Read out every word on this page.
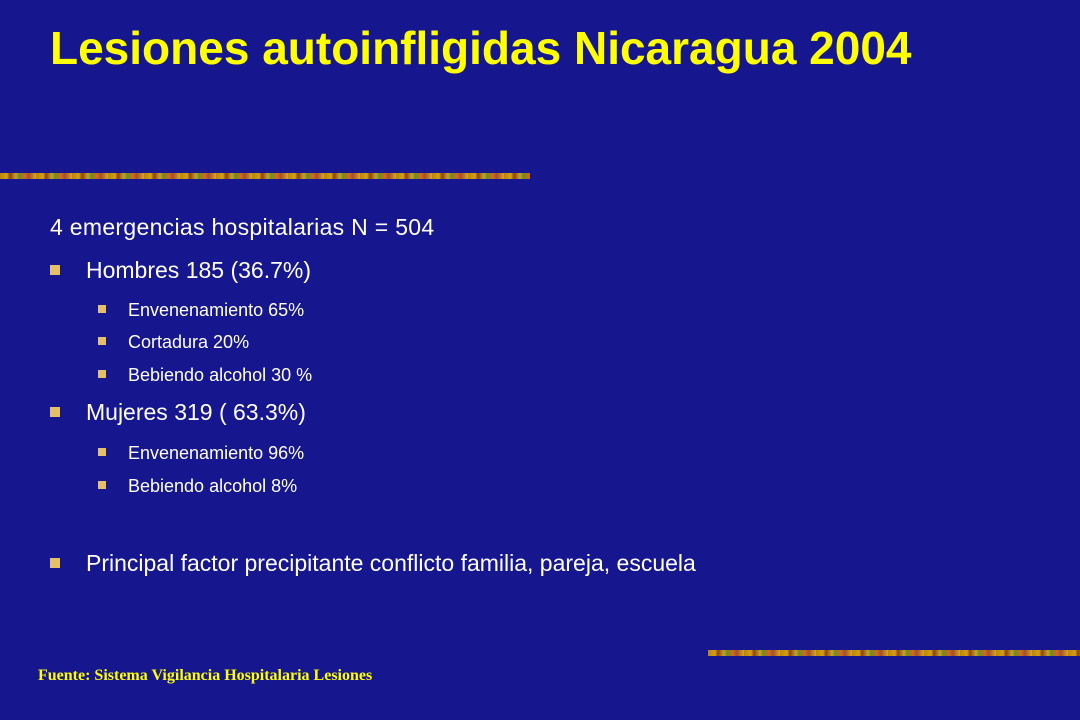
Lesiones autoinfligidas Nicaragua 2004
4 emergencias hospitalarias N = 504
Hombres 185 (36.7%)
Envenenamiento 65%
Cortadura 20%
Bebiendo alcohol 30 %
Mujeres 319 ( 63.3%)
Envenenamiento 96%
Bebiendo alcohol 8%
Principal factor precipitante conflicto familia, pareja, escuela
Fuente: Sistema Vigilancia Hospitalaria Lesiones
